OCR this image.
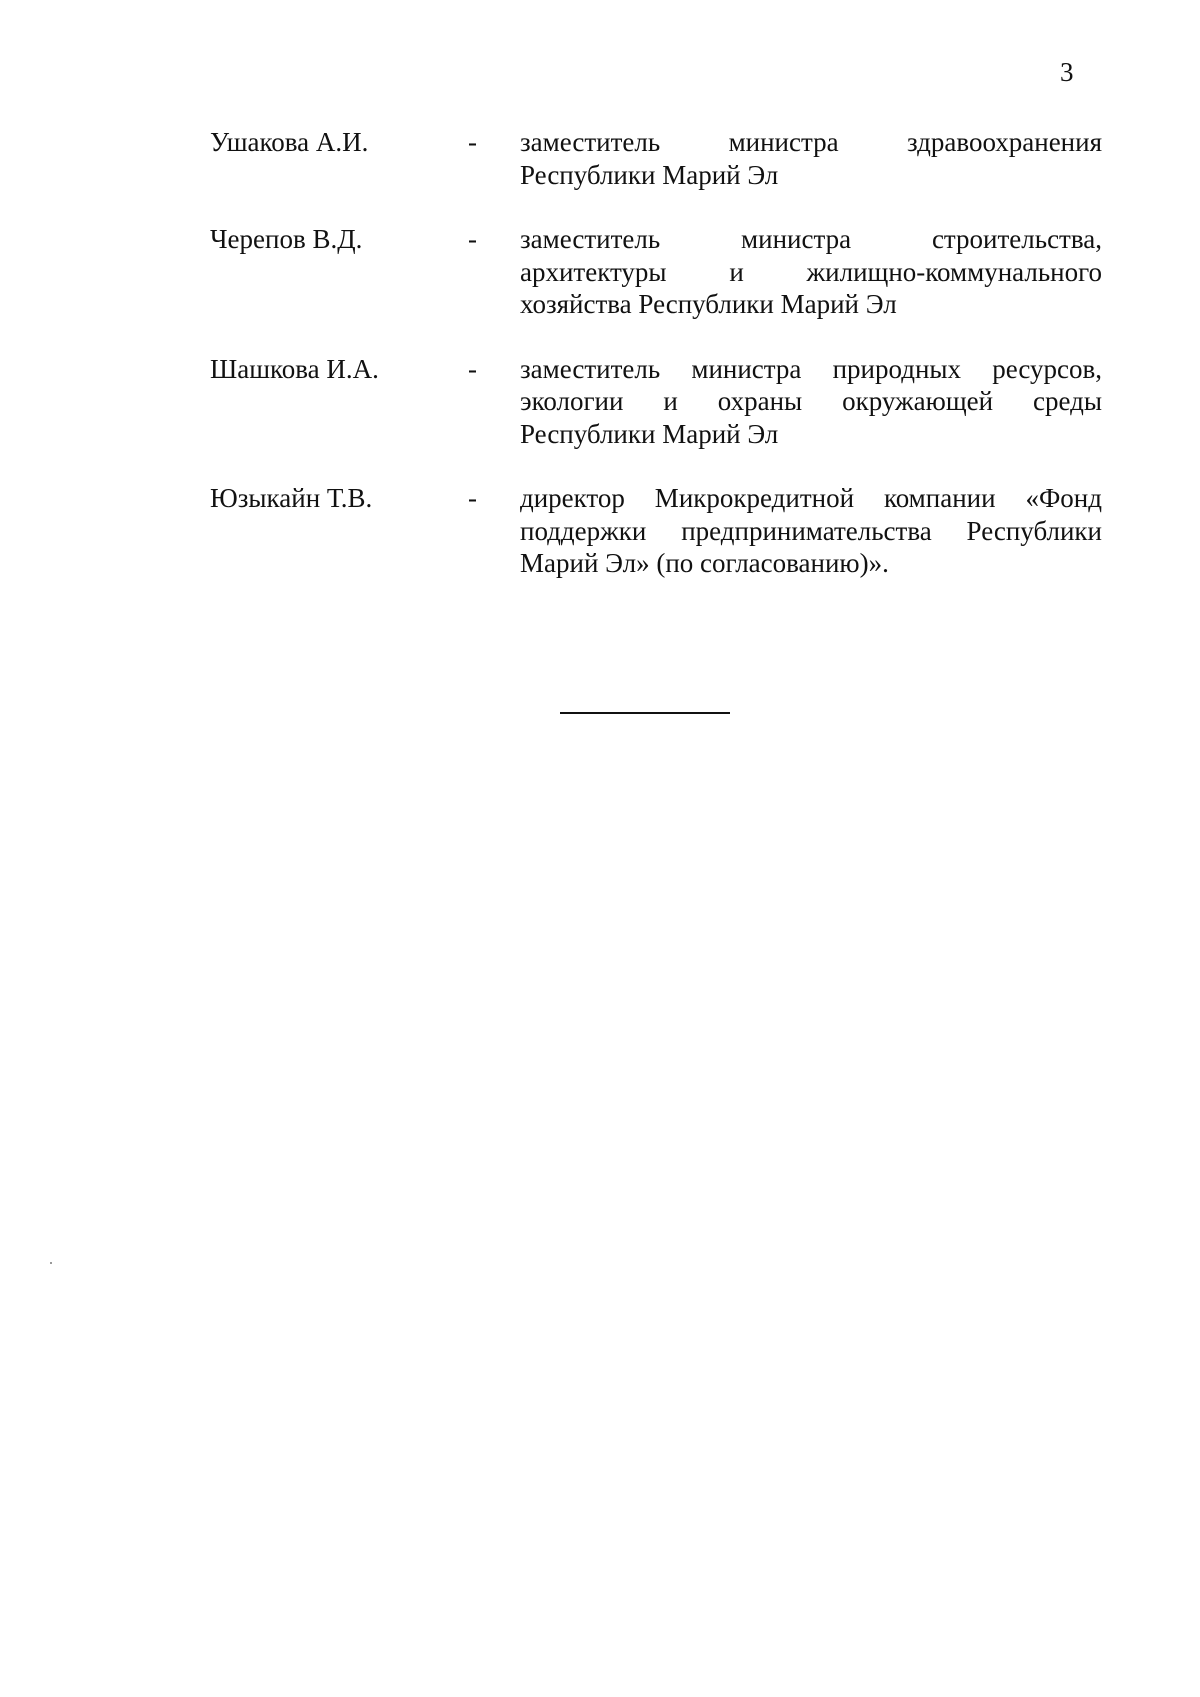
3
Ушакова А.И.	-	заместитель министра здравоохранения Республики Марий Эл
Черепов В.Д.	-	заместитель министра строительства, архитектуры и жилищно-коммунального хозяйства Республики Марий Эл
Шашкова И.А.	-	заместитель министра природных ресурсов, экологии и охраны окружающей среды Республики Марий Эл
Юзыкайн Т.В.	-	директор Микрокредитной компании «Фонд поддержки предпринимательства Республики Марий Эл» (по согласованию)».
